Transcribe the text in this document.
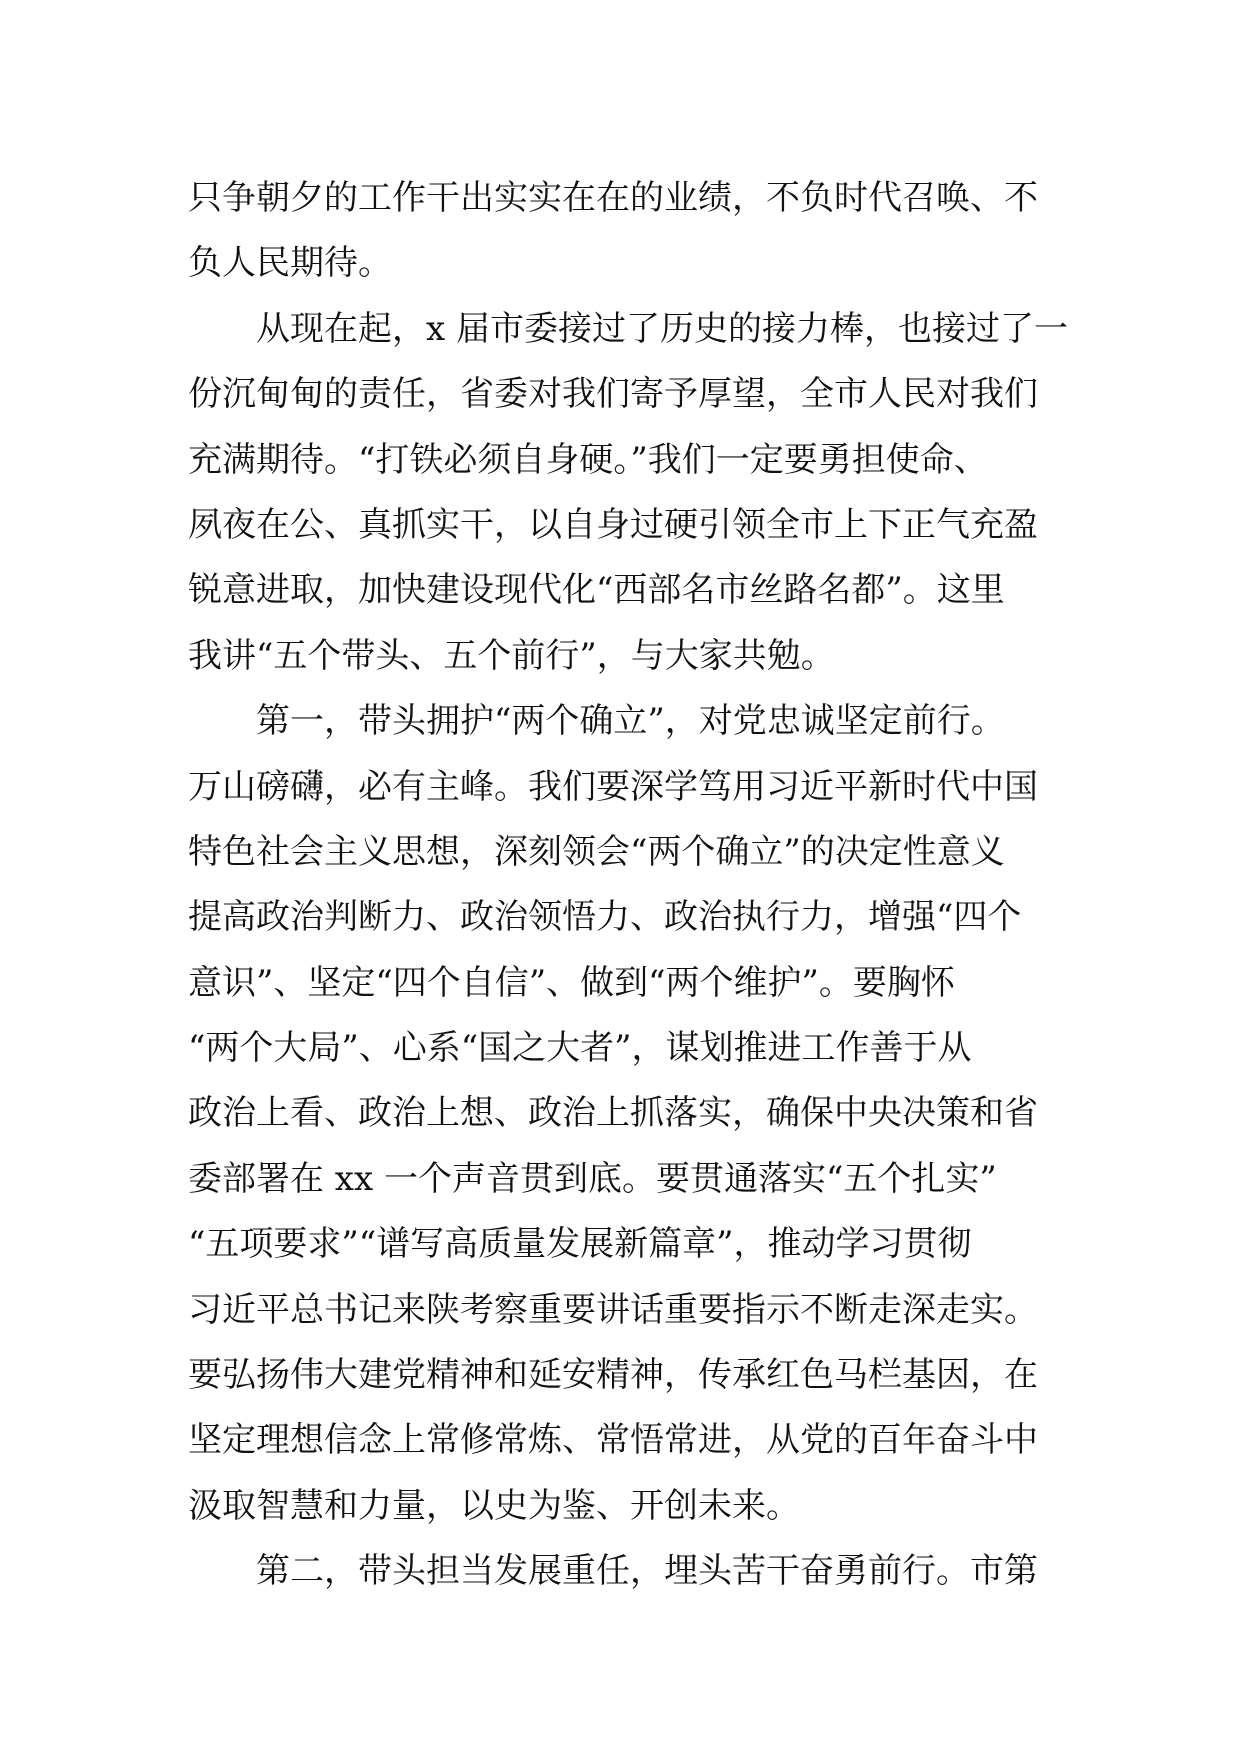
只争朝夕的工作干出实实在在的业绩，不负时代召唤、不
负人民期待。
从现在起，x 届市委接过了历史的接力棒，也接过了一
份沉甸甸的责任，省委对我们寄予厚望，全市人民对我们
充满期待。“打铁必须自身硬。”我们一定要勇担使命、
夙夜在公、真抓实干，以自身过硬引领全市上下正气充盈
锐意进取，加快建设现代化“西部名市丝路名都”。这里
我讲“五个带头、五个前行”，与大家共勉。
第一，带头拥护“两个确立”，对党忠诚坚定前行。
万山磅礴，必有主峰。我们要深学笃用习近平新时代中国
特色社会主义思想，深刻领会“两个确立”的决定性意义
提高政治判断力、政治领悟力、政治执行力，增强“四个
意识”、坚定“四个自信”、做到“两个维护”。要胸怀
“两个大局”、心系“国之大者”，谋划推进工作善于从
政治上看、政治上想、政治上抓落实，确保中央决策和省
委部署在 xx 一个声音贯到底。要贯通落实“五个扎实”
“五项要求”“谱写高质量发展新篇章”，推动学习贯彻
习近平总书记来陕考察重要讲话重要指示不断走深走实。
要弘扬伟大建党精神和延安精神，传承红色马栏基因，在
坚定理想信念上常修常炼、常悟常进，从党的百年奋斗中
汲取智慧和力量，以史为鉴、开创未来。
第二，带头担当发展重任，埋头苦干奋勇前行。市第
